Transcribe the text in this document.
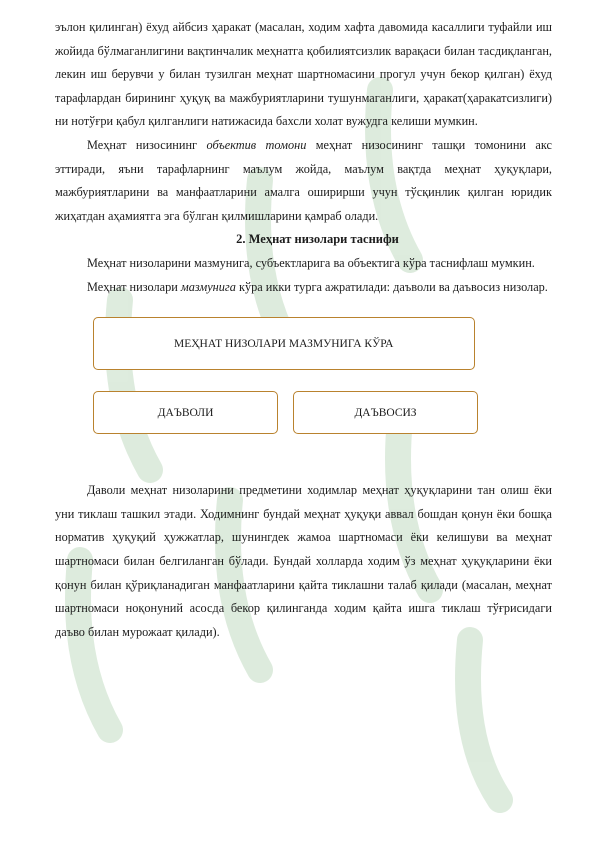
эълон қилинган) ёхуд айбсиз ҳаракат (масалан, ходим хафта давомида касаллиги туфайли иш жойида бўлмаганлигини вақтинчалик меҳнатга қобилиятсизлик варақаси билан тасдиқланган, лекин иш берувчи у билан тузилган меҳнат шартномасини прогул учун бекор қилган) ёхуд тарафлардан бирининг ҳуқуқ ва мажбуриятларини тушунмаганлиги, ҳаракат(ҳаракатсизлиги) ни нотўғри қабул қилганлиги натижасида бахсли холат вужудга келиши мумкин.

Меҳнат низосининг объектив томони меҳнат низосининг ташқи томонини акс эттиради, яъни тарафларнинг маълум жойда, маълум вақтда меҳнат ҳуқуқлари, мажбуриятларини ва манфаатларини амалга оширирши учун тўсқинлик қилган юридик жиҳатдан аҳамиятга эга бўлган қилмишларини қамраб олади.

2. Меҳнат низолари таснифи

Меҳнат низоларини мазмунига, субъектларига ва объектига кўра таснифлаш мумкин.

Меҳнат низолари мазмунига кўра икки турга ажратилади: даъволи ва даъвосиз низолар.

МЕҲНАТ НИЗОЛАРИ МАЗМУНИГА КЎРА
ДАЪВОЛИ	ДАЪВОСИЗ

Даволи меҳнат низоларини предметини ходимлар меҳнат ҳуқуқларини тан олиш ёки уни тиклаш ташкил этади. Ходимнинг бундай меҳнат ҳуқуқи аввал бошдан қонун ёки бошқа норматив ҳуқуқий ҳужжатлар, шунингдек жамоа шартномаси ёки келишуви ва меҳнат шартномаси билан белгиланган бўлади. Бундай холларда ходим ўз меҳнат ҳуқуқларини ёки қонун билан қўриқланадиган манфаатларини қайта тиклашни талаб қилади (масалан, меҳнат шартномаси ноқонуний асосда бекор қилинганда ходим қайта ишга тиклаш тўғрисидаги даъво билан мурожаат қилади).
